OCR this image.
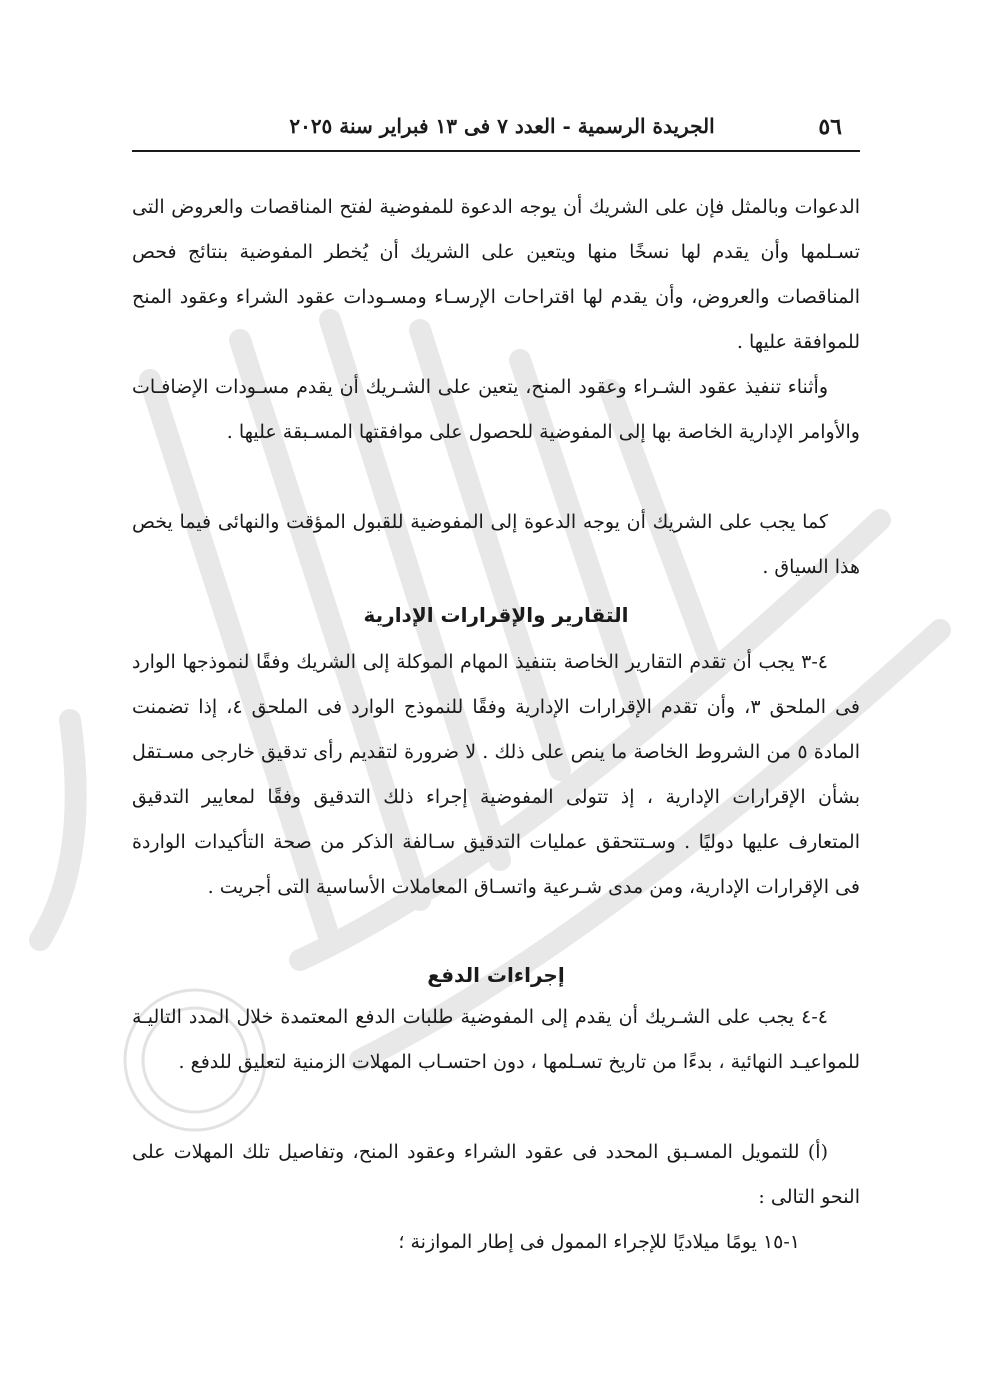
٥٦
الجريدة الرسمية - العدد ٧ فى ١٣ فبراير سنة ٢٠٢٥
الدعوات وبالمثل فإن على الشريك أن يوجه الدعوة للمفوضية لفتح المناقصات والعروض التى تسـلمها وأن يقدم لها نسخًا منها ويتعين على الشريك أن يُخطر المفوضية بنتائج فحص المناقصات والعروض، وأن يقدم لها اقتراحات الإرسـاء ومسـودات عقود الشراء وعقود المنح للموافقة عليها .
وأثناء تنفيذ عقود الشـراء وعقود المنح، يتعين على الشـريك أن يقدم مسـودات الإضافـات والأوامر الإدارية الخاصة بها إلى المفوضية للحصول على موافقتها المسـبقة عليها .
كما يجب على الشريك أن يوجه الدعوة إلى المفوضية للقبول المؤقت والنهائى فيما يخص هذا السياق .
التقارير والإقرارات الإدارية
٤-٣ يجب أن تقدم التقارير الخاصة بتنفيذ المهام الموكلة إلى الشريك وفقًا لنموذجها الوارد فى الملحق ٣، وأن تقدم الإقرارات الإدارية وفقًا للنموذج الوارد فى الملحق ٤، إذا تضمنت المادة ٥ من الشروط الخاصة ما ينص على ذلك . لا ضرورة لتقديم رأى تدقيق خارجى مسـتقل بشأن الإقرارات الإدارية ، إذ تتولى المفوضية إجراء ذلك التدقيق وفقًا لمعايير التدقيق المتعارف عليها دوليًا . وسـتتحقق عمليات التدقيق سـالفة الذكر من صحة التأكيدات الواردة فى الإقرارات الإدارية، ومن مدى شـرعية واتسـاق المعاملات الأساسية التى أجريت .
إجراءات الدفع
٤-٤ يجب على الشـريك أن يقدم إلى المفوضية طلبات الدفع المعتمدة خلال المدد التاليـة للمواعيـد النهائية ، بدءًا من تاريخ تسـلمها ، دون احتسـاب المهلات الزمنية لتعليق للدفع .
(أ) للتمويل المسـبق المحدد فى عقود الشراء وعقود المنح، وتفاصيل تلك المهلات على النحو التالى :
١-١٥ يومًا ميلاديًا للإجراء الممول فى إطار الموازنة ؛
